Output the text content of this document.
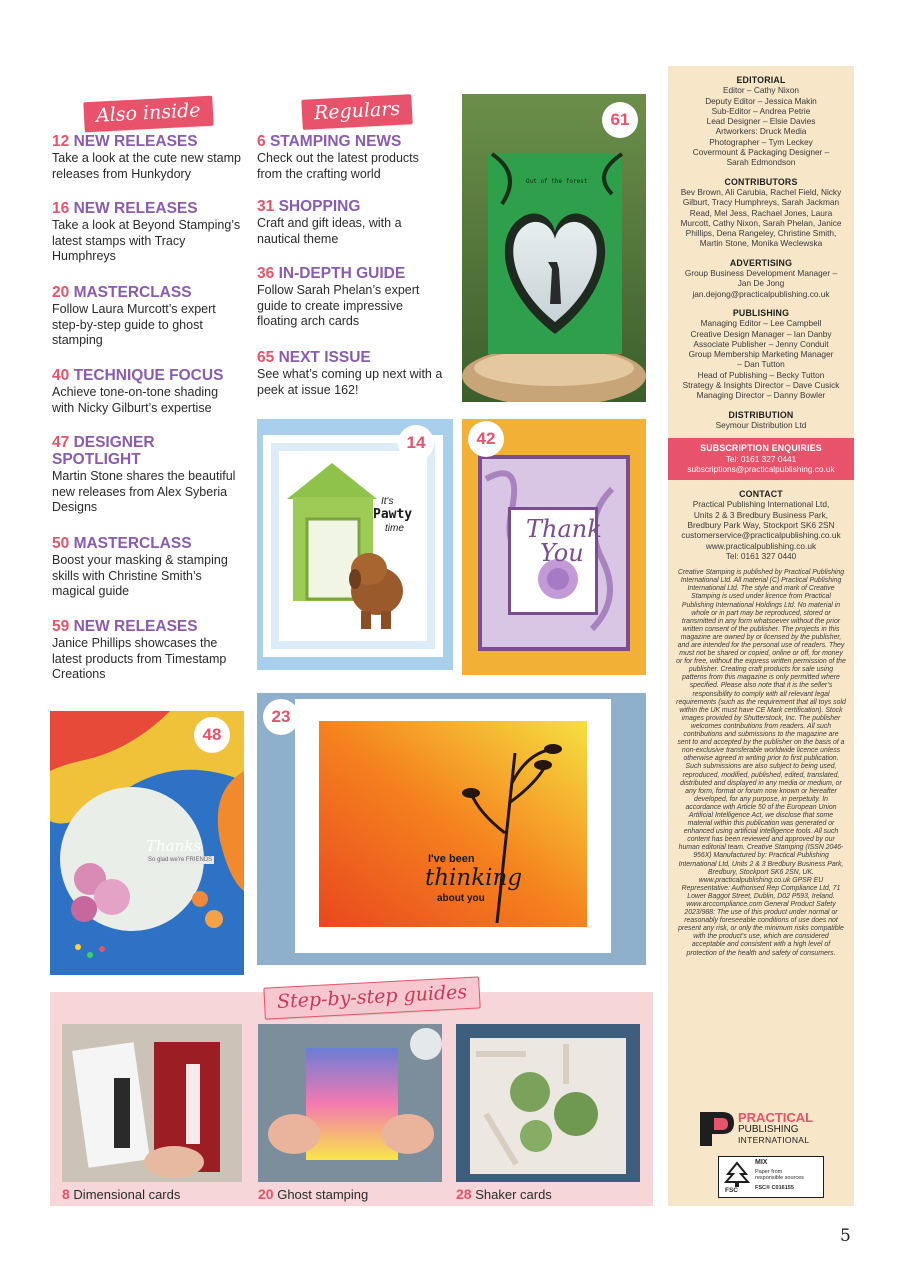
Also inside
12 NEW RELEASES
Take a look at the cute new stamp releases from Hunkydory
16 NEW RELEASES
Take a look at Beyond Stamping’s latest stamps with Tracy Humphreys
20 MASTERCLASS
Follow Laura Murcott’s expert step-by-step guide to ghost stamping
40 TECHNIQUE FOCUS
Achieve tone-on-tone shading with Nicky Gilburt’s expertise
47 DESIGNER SPOTLIGHT
Martin Stone shares the beautiful new releases from Alex Syberia Designs
50 MASTERCLASS
Boost your masking & stamping skills with Christine Smith’s magical guide
59 NEW RELEASES
Janice Phillips showcases the latest products from Timestamp Creations
Regulars
6 STAMPING NEWS
Check out the latest products from the crafting world
31 SHOPPING
Craft and gift ideas, with a nautical theme
36 IN-DEPTH GUIDE
Follow Sarah Phelan’s expert guide to create impressive floating arch cards
65 NEXT ISSUE
See what’s coming up next with a peek at issue 162!
Out of the forest
61
It's
Pawty
time
14
Thank
You
42
Thanks
So glad we're FRIENDS
48
I've been
thinking
about you
23
Step-by-step guides
8 Dimensional cards	20 Ghost stamping	28 Shaker cards
EDITORIAL
Editor – Cathy Nixon
Deputy Editor – Jessica Makin
Sub-Editor – Andrea Petrie
Lead Designer – Elsie Davies
Artworkers: Druck Media
Photographer – Tym Leckey
Covermount & Packaging Designer –
Sarah Edmondson
CONTRIBUTORS
Bev Brown, Ali Carubia, Rachel Field, Nicky Gilburt, Tracy Humphreys, Sarah Jackman Read, Mel Jess, Rachael Jones, Laura Murcott, Cathy Nixon, Sarah Phelan, Janice Phillips, Dena Rangeley, Christine Smith, Martin Stone, Monika Weclewska
ADVERTISING
Group Business Development Manager –
Jan De Jong
jan.dejong@practicalpublishing.co.uk
PUBLISHING
Managing Editor – Lee Campbell
Creative Design Manager – Ian Danby
Associate Publisher – Jenny Conduit
Group Membership Marketing Manager
– Dan Tutton
Head of Publishing – Becky Tutton
Strategy & Insights Director – Dave Cusick
Managing Director – Danny Bowler
DISTRIBUTION
Seymour Distribution Ltd
SUBSCRIPTION ENQUIRIES
Tel: 0161 327 0441
subscriptions@practicalpublishing.co.uk
CONTACT
Practical Publishing International Ltd,
Units 2 & 3 Bredbury Business Park,
Bredbury Park Way, Stockport SK6 2SN
customerservice@practicalpublishing.co.uk
www.practicalpublishing.co.uk
Tel: 0161 327 0440
Creative Stamping is published by Practical Publishing International Ltd. All material (C) Practical Publishing International Ltd. The style and mark of Creative Stamping is used under licence from Practical Publishing International Holdings Ltd. No material in whole or in part may be reproduced, stored or transmitted in any form whatsoever without the prior written consent of the publisher. The projects in this magazine are owned by or licensed by the publisher, and are intended for the personal use of readers. They must not be shared or copied, online or off, for money or for free, without the express written permission of the publisher. Creating craft products for sale using patterns from this magazine is only permitted where specified. Please also note that it is the seller’s responsibility to comply with all relevant legal requirements (such as the requirement that all toys sold within the UK must have CE Mark certification). Stock images provided by Shutterstock, Inc. The publisher welcomes contributions from readers. All such contributions and submissions to the magazine are sent to and accepted by the publisher on the basis of a non-exclusive transferable worldwide licence unless otherwise agreed in writing prior to first publication. Such submissions are also subject to being used, reproduced, modified, published, edited, translated, distributed and displayed in any media or medium, or any form, format or forum now known or hereafter developed, for any purpose, in perpetuity. In accordance with Article 50 of the European Union Artificial Intelligence Act, we disclose that some material within this publication was generated or enhanced using artificial intelligence tools. All such content has been reviewed and approved by our human editorial team. Creative Stamping (ISSN 2046-956X) Manufactured by: Practical Publishing International Ltd, Units 2 & 3 Bredbury Business Park, Bredbury, Stockport SK6 2SN, UK. www.practicalpublishing.co.uk GPSR EU Representative: Authorised Rep Compliance Ltd, 71 Lower Baggot Street, Dublin, D02 P593, Ireland. www.arccompliance.com General Product Safety 2023/988: The use of this product under normal or reasonably foreseeable conditions of use does not present any risk, or only the minimum risks compatible with the product’s use, which are considered acceptable and consistent with a high level of protection of the health and safety of consumers.
PRACTICAL
PUBLISHING
INTERNATIONAL
FSC
MIX
Paper from
responsible sources
FSC® C016155
5
